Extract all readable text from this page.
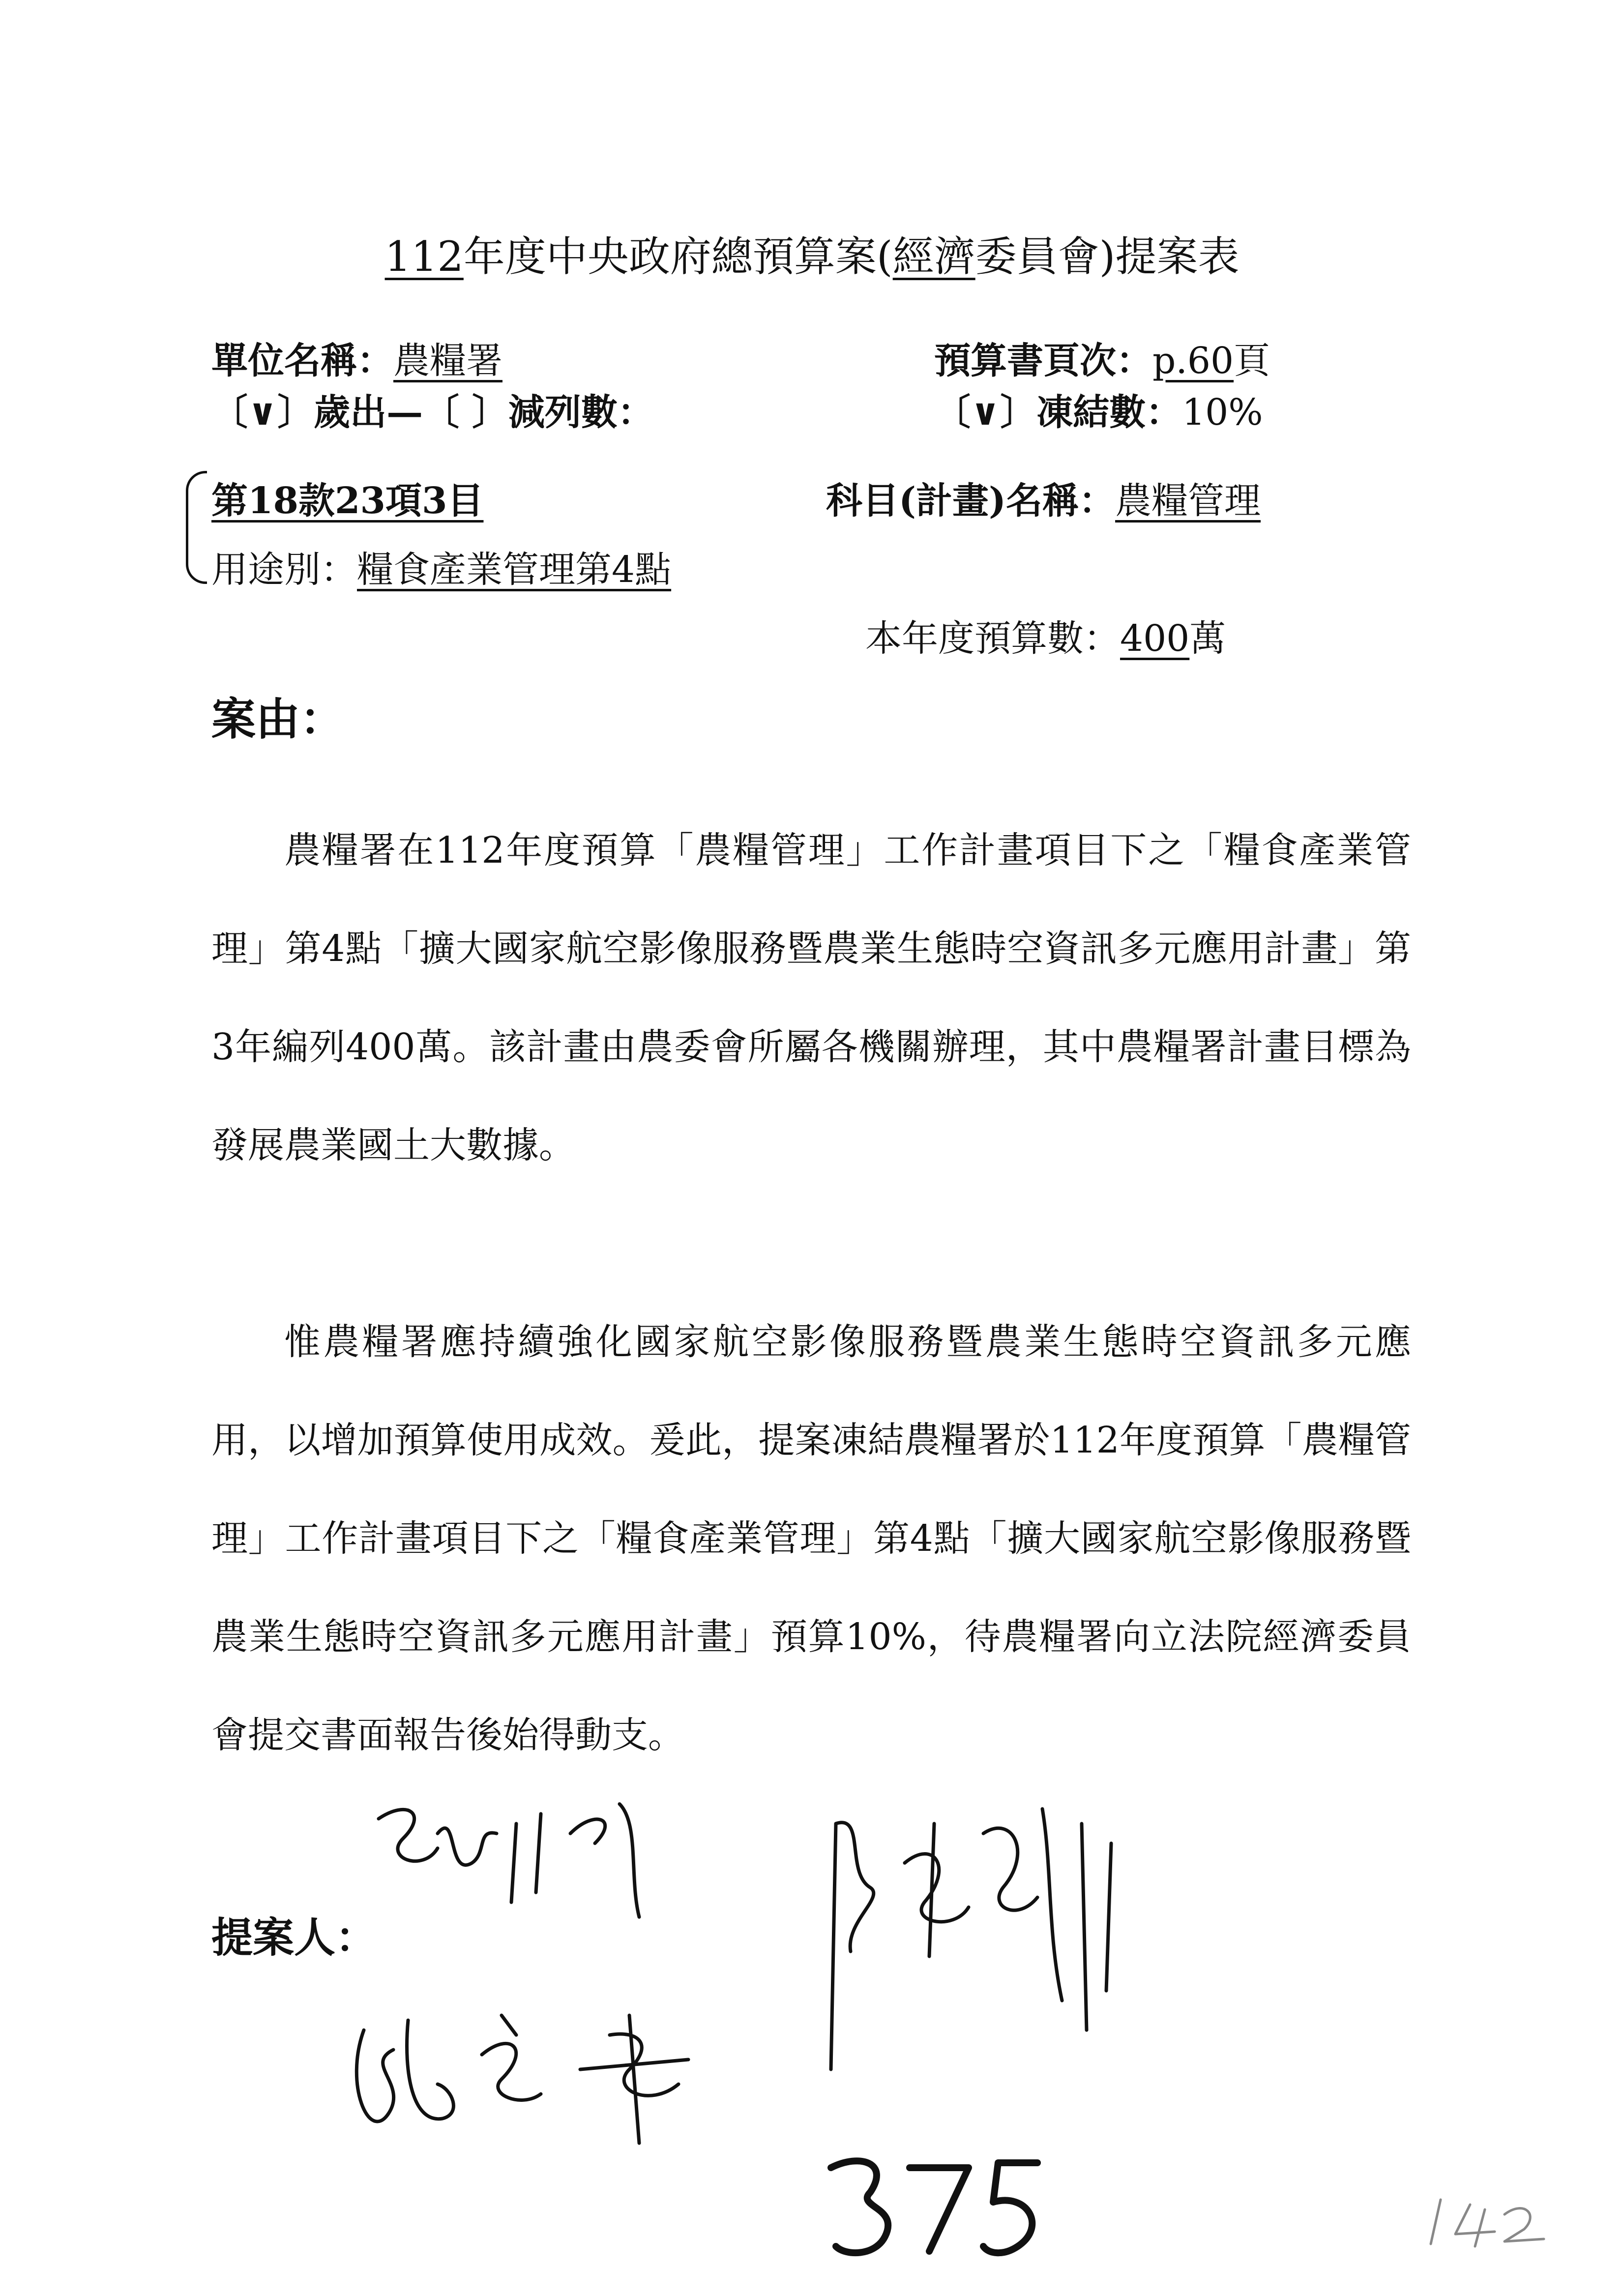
112年度中央政府總預算案(經濟委員會)提案表
單位名稱：農糧署
〔∨〕歲出—〔 〕減列數：
預算書頁次：p.60頁
〔∨〕凍結數：10%
第18款23項3目
用途別：糧食產業管理第4點
科目(計畫)名稱：農糧管理
本年度預算數：400萬
案由：

農糧署在112年度預算「農糧管理」工作計畫項目下之「糧食產業管理」第4點「擴大國家航空影像服務暨農業生態時空資訊多元應用計畫」第3年編列400萬。該計畫由農委會所屬各機關辦理，其中農糧署計畫目標為發展農業國土大數據。

惟農糧署應持續強化國家航空影像服務暨農業生態時空資訊多元應用，以增加預算使用成效。爰此，提案凍結農糧署於112年度預算「農糧管理」工作計畫項目下之「糧食產業管理」第4點「擴大國家航空影像服務暨農業生態時空資訊多元應用計畫」預算10%，待農糧署向立法院經濟委員會提交書面報告後始得動支。

提案人：
